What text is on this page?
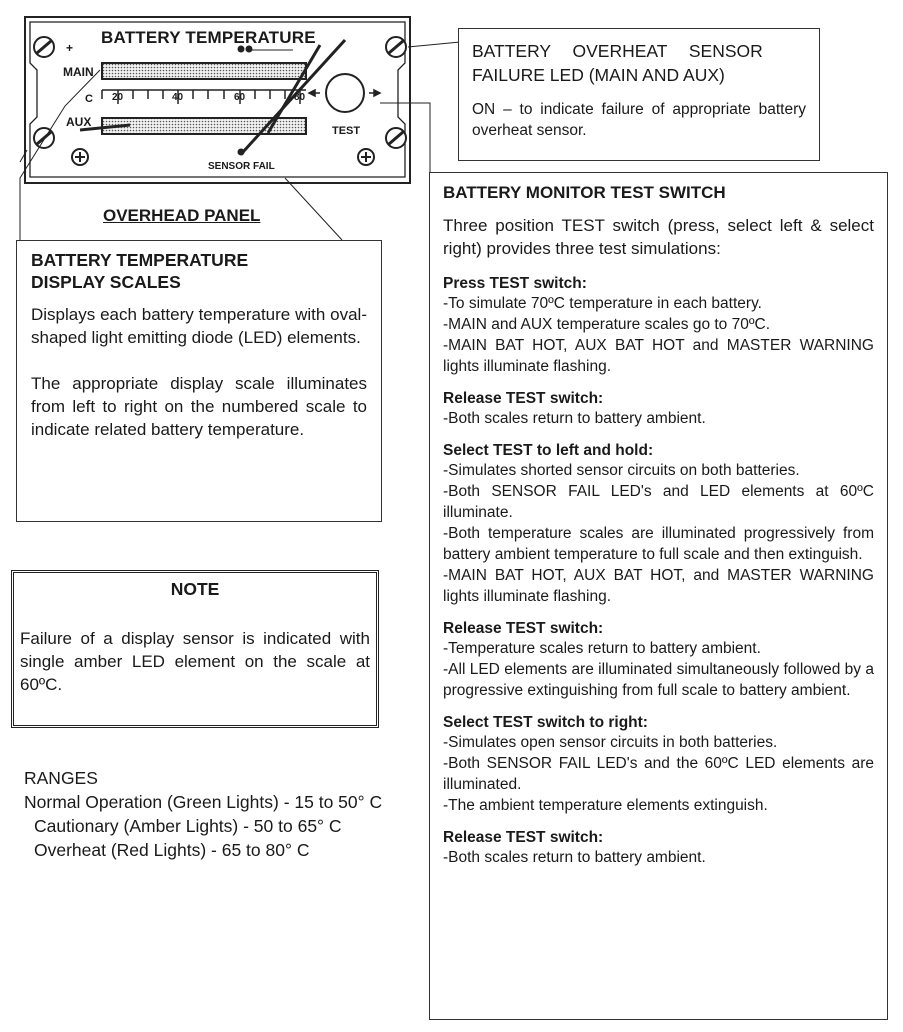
BATTERY TEMPERATURE
+
MAIN
C
AUX
20	40	60	80
TEST
SENSOR FAIL
OVERHEAD PANEL
BATTERY  OVERHEAT  SENSOR
FAILURE LED (MAIN AND AUX)
ON – to indicate failure of appropriate battery overheat sensor.
BATTERY TEMPERATURE
DISPLAY SCALES
Displays each battery temperature with oval-shaped light emitting diode (LED) elements.
The appropriate display scale illuminates from left to right on the numbered scale to indicate related battery temperature.
NOTE
Failure of a display sensor is indicated with single amber LED element on the scale at 60ºC.
RANGES
Normal Operation (Green Lights) - 15 to 50° C
Cautionary (Amber Lights) - 50 to 65° C
Overheat (Red Lights) - 65 to 80° C
BATTERY MONITOR TEST SWITCH
Three position TEST switch (press, select left & select right) provides three test simulations:
Press TEST switch:
-To simulate 70ºC temperature in each battery.
-MAIN and AUX temperature scales go to 70ºC.
-MAIN BAT HOT, AUX BAT HOT and MASTER WARNING lights illuminate flashing.
Release TEST switch:
-Both scales return to battery ambient.
Select TEST to left and hold:
-Simulates shorted sensor circuits on both batteries.
-Both SENSOR FAIL LED's and LED elements at 60ºC illuminate.
-Both temperature scales are illuminated progressively from battery ambient temperature to full scale and then extinguish.
-MAIN BAT HOT, AUX BAT HOT, and MASTER WARNING lights illuminate flashing.
Release TEST switch:
-Temperature scales return to battery ambient.
-All LED elements are illuminated simultaneously followed by a progressive extinguishing from full scale to battery ambient.
Select TEST switch to right:
-Simulates open sensor circuits in both batteries.
-Both SENSOR FAIL LED's and the 60ºC LED elements are illuminated.
-The ambient temperature elements extinguish.
Release TEST switch:
-Both scales return to battery ambient.
